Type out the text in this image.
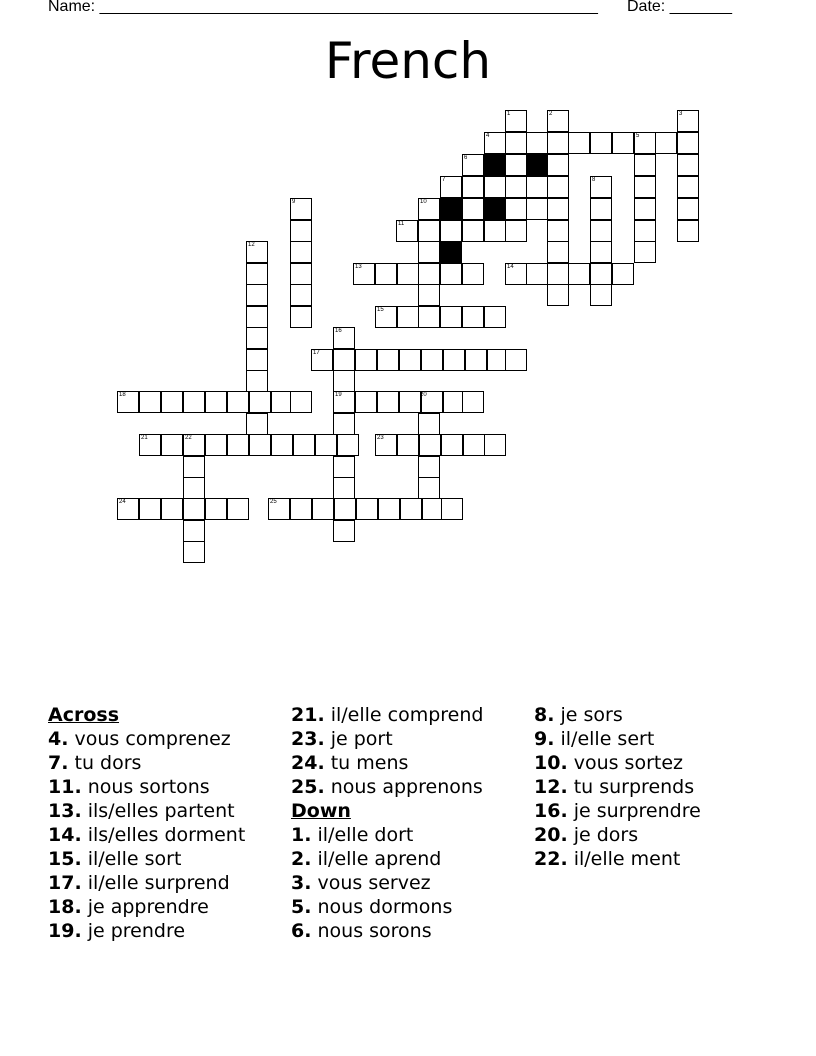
Name: ________________________________________________________ Date: _______
French
1	2	3
4	5
6
7	8
9	10
11
12
13	14
15
16
17
18	19	20
21	22	23
24	25
Across
4. vous comprenez
7. tu dors
11. nous sortons
13. ils/elles partent
14. ils/elles dorment
15. il/elle sort
17. il/elle surprend
18. je apprendre
19. je prendre
21. il/elle comprend
23. je port
24. tu mens
25. nous apprenons
Down
1. il/elle dort
2. il/elle aprend
3. vous servez
5. nous dormons
6. nous sorons
8. je sors
9. il/elle sert
10. vous sortez
12. tu surprends
16. je surprendre
20. je dors
22. il/elle ment
